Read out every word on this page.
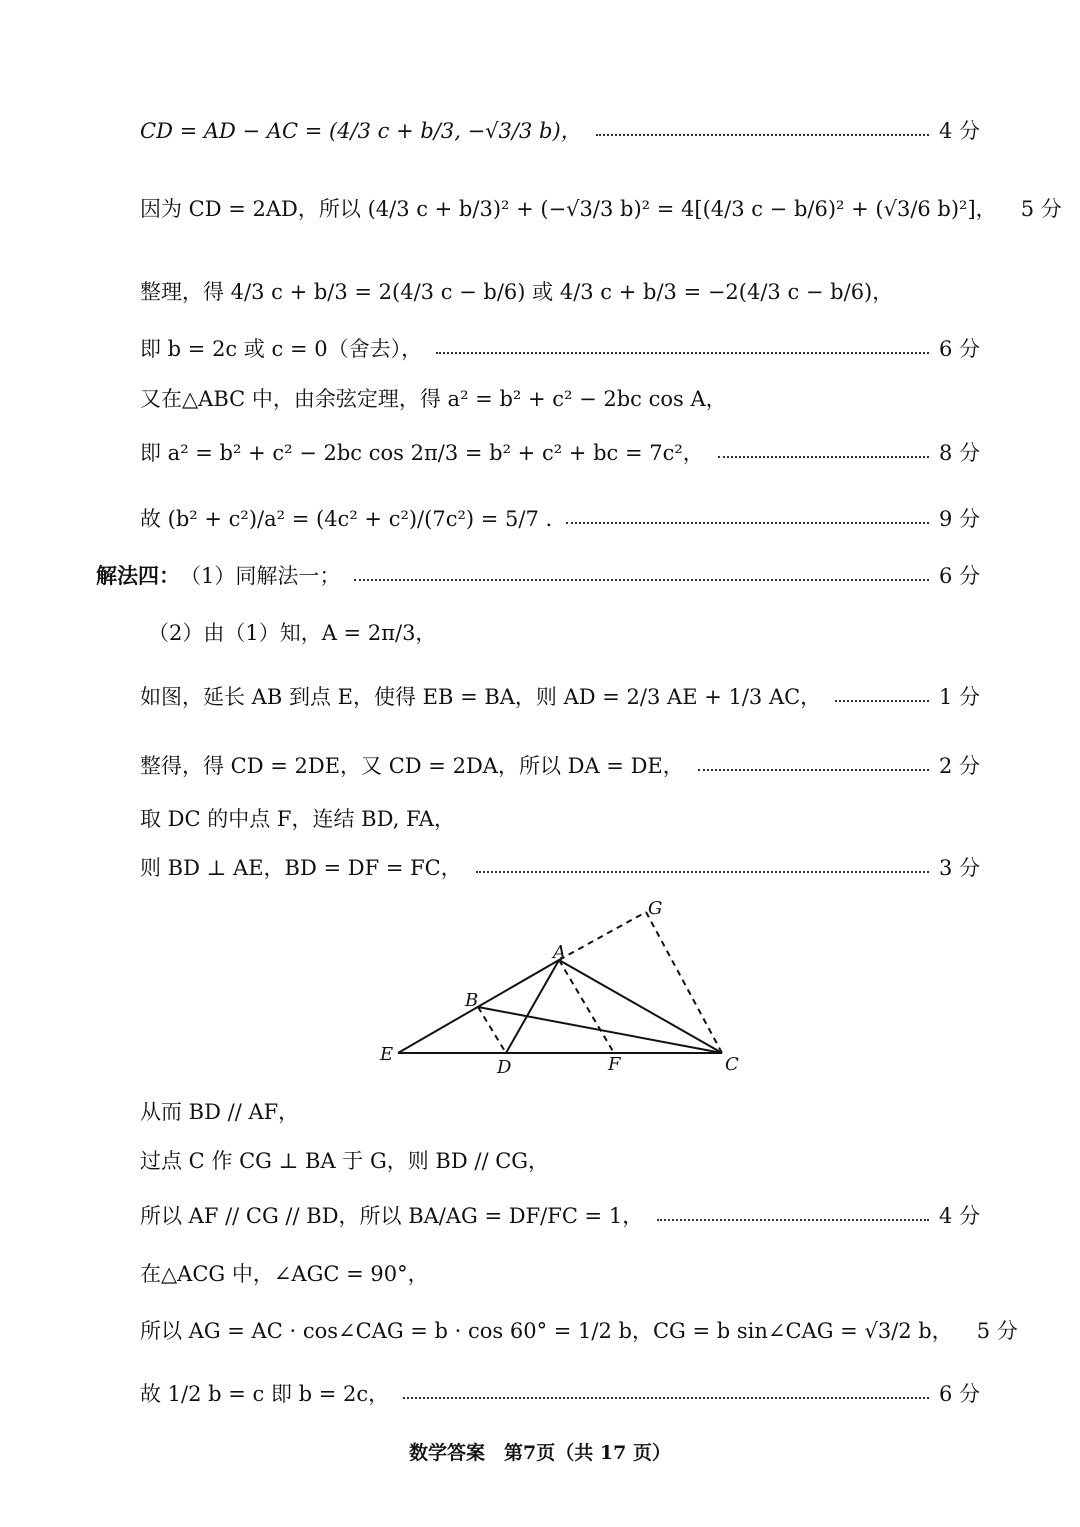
CD = AD − AC = (4/3 c + b/3, −√3/3 b)，	4 分
因为 CD = 2AD，所以 (4/3 c + b/3)² + (−√3/3 b)² = 4[(4/3 c − b/6)² + (√3/6 b)²]， 5 分
整理，得 4/3 c + b/3 = 2(4/3 c − b/6) 或 4/3 c + b/3 = −2(4/3 c − b/6)，
即 b = 2c 或 c = 0（舍去），	6 分
又在△ABC 中，由余弦定理，得 a² = b² + c² − 2bc cos A，
即 a² = b² + c² − 2bc cos 2π/3 = b² + c² + bc = 7c²，	8 分
故 (b² + c²)/a² = (4c² + c²)/(7c²) = 5/7 .	9 分
解法四： （1）同解法一；	6 分
（2）由（1）知，A = 2π/3，
如图，延长 AB 到点 E，使得 EB = BA，则 AD = 2/3 AE + 1/3 AC，	1 分
整得，得 CD = 2DE，又 CD = 2DA，所以 DA = DE，	2 分
取 DC 的中点 F，连结 BD, FA，
则 BD ⊥ AE，BD = DF = FC，	3 分
E
D	F	C
B
A
G
从而 BD // AF，
过点 C 作 CG ⊥ BA 于 G，则 BD // CG，
所以 AF // CG // BD，所以 BA/AG = DF/FC = 1，	4 分
在△ACG 中，∠AGC = 90°，
所以 AG = AC · cos∠CAG = b · cos 60° = 1/2 b，CG = b sin∠CAG = √3/2 b， 5 分
故 1/2 b = c 即 b = 2c，	6 分
数学答案　第7页（共 17 页）
